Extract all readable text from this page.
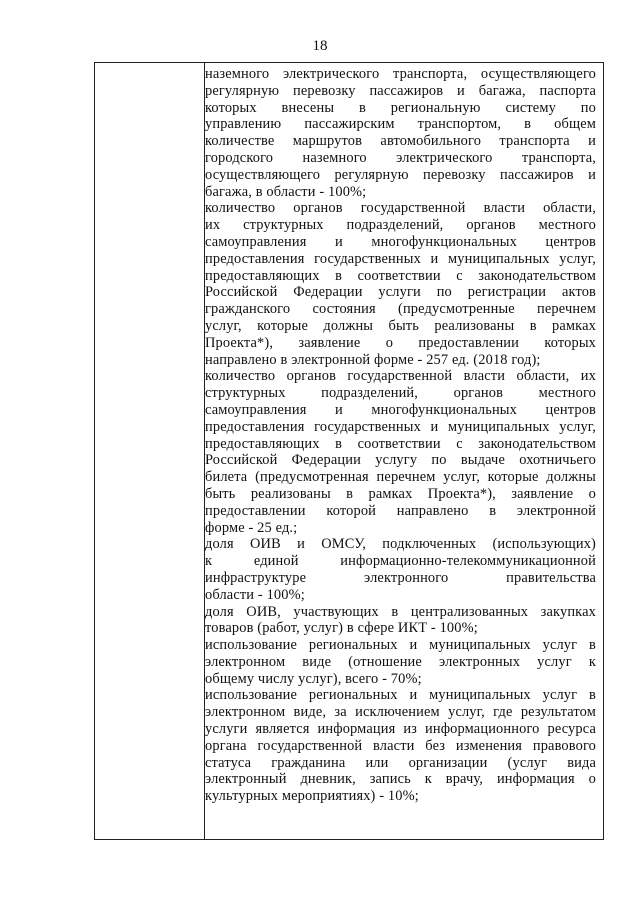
18
наземного электрического транспорта, осуществляющего
регулярную перевозку пассажиров и багажа, паспорта
которых внесены в региональную систему по
управлению пассажирским транспортом, в общем
количестве маршрутов автомобильного транспорта и
городского наземного электрического транспорта,
осуществляющего регулярную перевозку пассажиров и
багажа, в области - 100%;
количество органов государственной власти области,
их структурных подразделений, органов местного
самоуправления и многофункциональных центров
предоставления государственных и муниципальных услуг,
предоставляющих в соответствии с законодательством
Российской Федерации услуги по регистрации актов
гражданского состояния (предусмотренные перечнем
услуг, которые должны быть реализованы в рамках
Проекта*), заявление о предоставлении которых
направлено в электронной форме - 257 ед. (2018 год);
количество органов государственной власти области, их
структурных подразделений, органов местного
самоуправления и многофункциональных центров
предоставления государственных и муниципальных услуг,
предоставляющих в соответствии с законодательством
Российской Федерации услугу по выдаче охотничьего
билета (предусмотренная перечнем услуг, которые должны
быть реализованы в рамках Проекта*), заявление о
предоставлении которой направлено в электронной
форме - 25 ед.;
доля ОИВ и ОМСУ, подключенных (использующих)
к единой информационно-телекоммуникационной
инфраструктуре электронного правительства
области - 100%;
доля ОИВ, участвующих в централизованных закупках
товаров (работ, услуг) в сфере ИКТ - 100%;
использование региональных и муниципальных услуг в
электронном виде (отношение электронных услуг к
общему числу услуг), всего - 70%;
использование региональных и муниципальных услуг в
электронном виде, за исключением услуг, где результатом
услуги является информация из информационного ресурса
органа государственной власти без изменения правового
статуса гражданина или организации (услуг вида
электронный дневник, запись к врачу, информация о
культурных мероприятиях) - 10%;
